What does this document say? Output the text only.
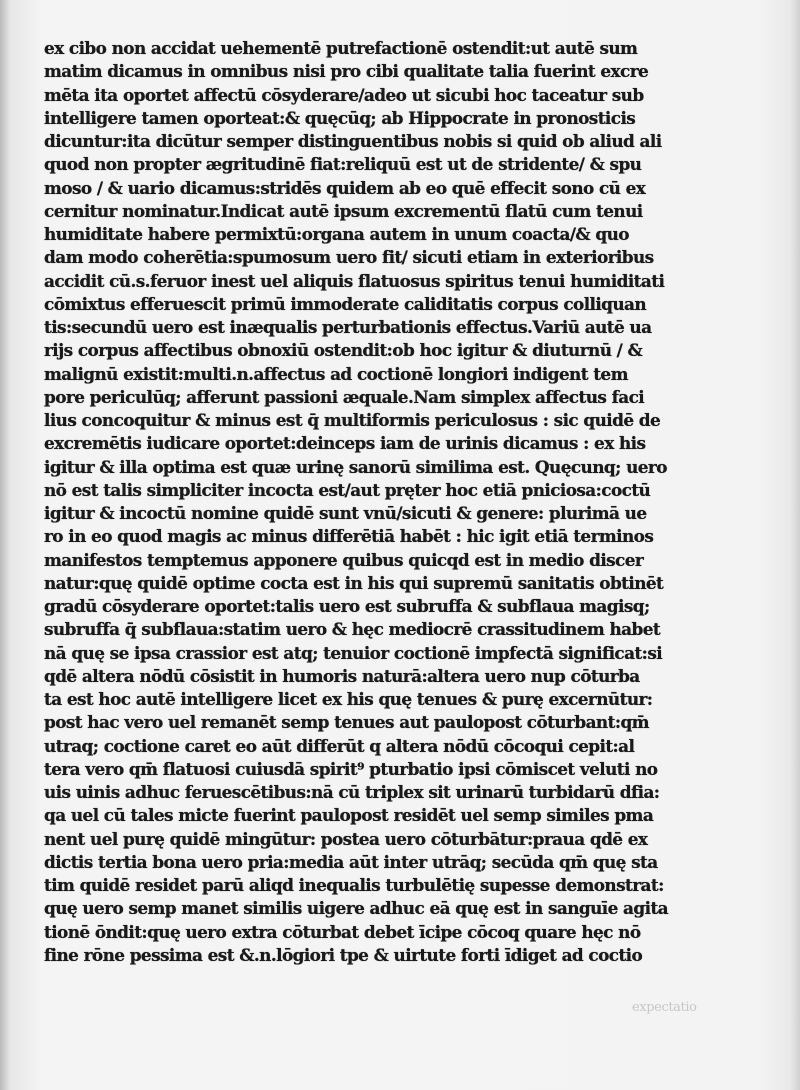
ex cibo non accidat uehementē putrefactionē ostendit:ut autē sum
matim dicamus in omnibus nisi pro cibi qualitate talia fuerint excre
mēta ita oportet affectū cōsyderare/adeo ut sicubi hoc taceatur sub
intelligere tamen oporteat:& quęcūq; ab Hippocrate in pronosticis
dicuntur:ita dicūtur semper distinguentibus nobis si quid ob aliud ali
quod non propter ægritudinē fiat:reliquū est ut de stridente/ & spu
moso / & uario dicamus:stridēs quidem ab eo quē effecit sono cū ex
cernitur nominatur.Indicat autē ipsum excrementū flatū cum tenui
humiditate habere permixtū:organa autem in unum coacta/& quo
dam modo coherētia:spumosum uero fit/ sicuti etiam in exterioribus
accidit cū.s.feruor inest uel aliquis flatuosus spiritus tenui humiditati
cōmixtus efferuescit primū immoderate caliditatis corpus colliquan
tis:secundū uero est inæqualis perturbationis effectus.Variū autē ua
rijs corpus affectibus obnoxiū ostendit:ob hoc igitur & diuturnū / &
malignū existit:multi.n.affectus ad coctionē longiori indigent tem
pore periculūq; afferunt passioni æquale.Nam simplex affectus faci
lius concoquitur & minus est q̄ multiformis periculosus : sic quidē de
excremētis iudicare oportet:deinceps iam de urinis dicamus : ex his
igitur & illa optima est quæ urinę sanorū similima est. Quęcunq; uero
nō est talis simpliciter incocta est/aut pręter hoc etiā pniciosa:coctū
igitur & incoctū nomine quidē sunt vnū/sicuti & genere: plurimā ue
ro in eo quod magis ac minus differētiā habēt : hic igit etiā terminos
manifestos temptemus apponere quibus quicqd est in medio discer
natur:quę quidē optime cocta est in his qui supremū sanitatis obtinēt
gradū cōsyderare oportet:talis uero est subruffa & subflaua magisq;
subruffa q̄ subflaua:statim uero & hęc mediocrē crassitudinem habet
nā quę se ipsa crassior est atq; tenuior coctionē impfectā significat:si
qdē altera nōdū cōsistit in humoris naturā:altera uero nup cōturba
ta est hoc autē intelligere licet ex his quę tenues & purę excernūtur:
post hac vero uel remanēt semp tenues aut paulopost cōturbant:qm̄
utraq; coctione caret eo aūt differūt q altera nōdū cōcoqui cepit:al
tera vero qm̄ flatuosi cuiusdā spirit⁹ pturbatio ipsi cōmiscet veluti no
uis uinis adhuc feruescētibus:nā cū triplex sit urinarū turbidarū dfia:
qa uel cū tales micte fuerint paulopost residēt uel semp similes pma
nent uel purę quidē mingūtur: postea uero cōturbātur:praua qdē ex
dictis tertia bona uero pria:media aūt inter utrāq; secūda qm̄ quę sta
tim quidē residet parū aliqd inequalis turbulētię supesse demonstrat:
quę uero semp manet similis uigere adhuc eā quę est in sanguīe agita
tionē ōndit:quę uero extra cōturbat debet īcipe cōcoq quare hęc nō
fine rōne pessima est &.n.lōgiori tpe & uirtute forti īdiget ad coctio
expectatio
